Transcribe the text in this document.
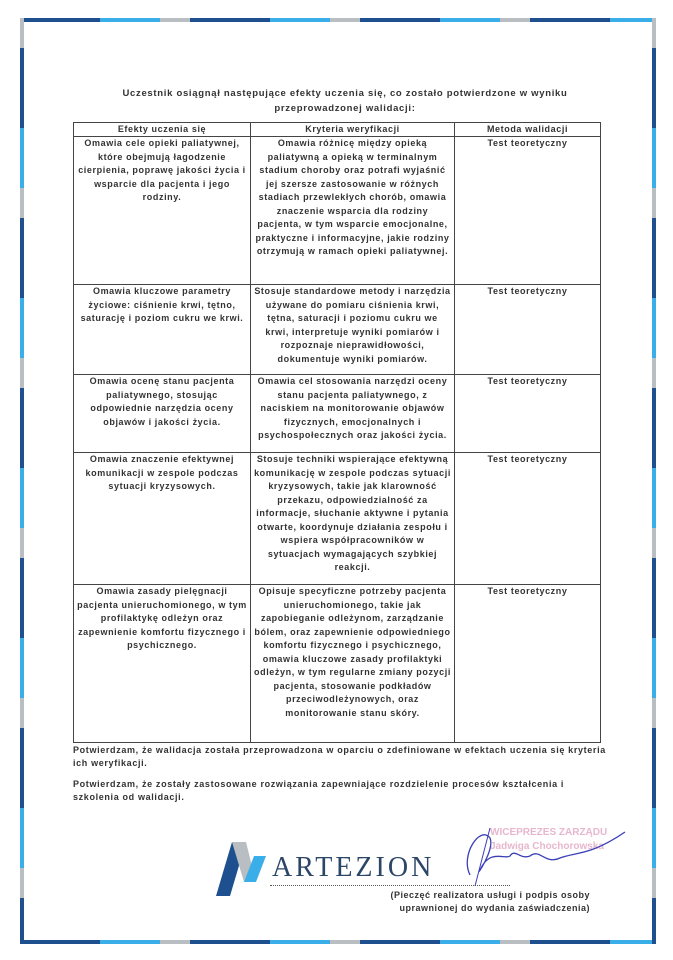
Uczestnik osiągnął następujące efekty uczenia się, co zostało potwierdzone w wyniku przeprowadzonej walidacji:
Efekty uczenia się	Kryteria weryfikacji	Metoda walidacji
Omawia cele opieki paliatywnej, które obejmują łagodzenie cierpienia, poprawę jakości życia i wsparcie dla pacjenta i jego rodziny.	Omawia różnicę między opieką paliatywną a opieką w terminalnym stadium choroby oraz potrafi wyjaśnić jej szersze zastosowanie w różnych stadiach przewlekłych chorób, omawia znaczenie wsparcia dla rodziny pacjenta, w tym wsparcie emocjonalne, praktyczne i informacyjne, jakie rodziny otrzymują w ramach opieki paliatywnej.	Test teoretyczny
Omawia kluczowe parametry życiowe: ciśnienie krwi, tętno, saturację i poziom cukru we krwi.	Stosuje standardowe metody i narzędzia używane do pomiaru ciśnienia krwi, tętna, saturacji i poziomu cukru we krwi, interpretuje wyniki pomiarów i rozpoznaje nieprawidłowości, dokumentuje wyniki pomiarów.	Test teoretyczny
Omawia ocenę stanu pacjenta paliatywnego, stosując odpowiednie narzędzia oceny objawów i jakości życia.	Omawia cel stosowania narzędzi oceny stanu pacjenta paliatywnego, z naciskiem na monitorowanie objawów fizycznych, emocjonalnych i psychospołecznych oraz jakości życia.	Test teoretyczny
Omawia znaczenie efektywnej komunikacji w zespole podczas sytuacji kryzysowych.	Stosuje techniki wspierające efektywną komunikację w zespole podczas sytuacji kryzysowych, takie jak klarowność przekazu, odpowiedzialność za informacje, słuchanie aktywne i pytania otwarte, koordynuje działania zespołu i wspiera współpracowników w sytuacjach wymagających szybkiej reakcji.	Test teoretyczny
Omawia zasady pielęgnacji pacjenta unieruchomionego, w tym profilaktykę odleżyn oraz zapewnienie komfortu fizycznego i psychicznego.	Opisuje specyficzne potrzeby pacjenta unieruchomionego, takie jak zapobieganie odleżynom, zarządzanie bólem, oraz zapewnienie odpowiedniego komfortu fizycznego i psychicznego, omawia kluczowe zasady profilaktyki odleżyn, w tym regularne zmiany pozycji pacjenta, stosowanie podkładów przeciwodleżynowych, oraz monitorowanie stanu skóry.	Test teoretyczny
Potwierdzam, że walidacja została przeprowadzona w oparciu o zdefiniowane w efektach uczenia się kryteria ich weryfikacji.
Potwierdzam, że zostały zastosowane rozwiązania zapewniające rozdzielenie procesów kształcenia i szkolenia od walidacji.
ARTEZION
WICEPREZES ZARZĄDU
Jadwiga Chochorowska
(Pieczęć realizatora usługi i podpis osoby uprawnionej do wydania zaświadczenia)
